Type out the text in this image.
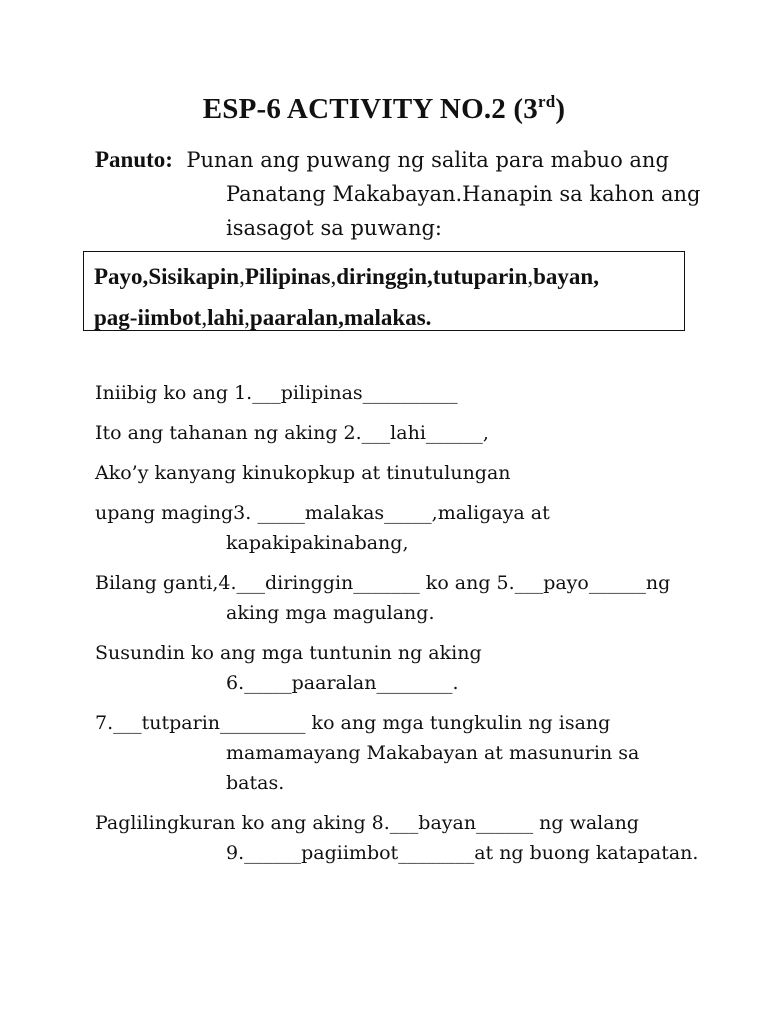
ESP-6 ACTIVITY NO.2 (3rd)
Panuto: Punan ang puwang ng salita para mabuo ang
Panatang Makabayan.Hanapin sa kahon ang
isasagot sa puwang:
Payo,Sisikapin,Pilipinas,diringgin,tutuparin,bayan,
pag-iimbot,lahi,paaralan,malakas.
Iniibig ko ang 1.___pilipinas__________
Ito ang tahanan ng aking 2.___lahi______,
Ako’y kanyang kinukopkup at tinutulungan
upang maging3. _____malakas_____,maligaya at
kapakipakinabang,
Bilang ganti,4.___diringgin_______ ko ang 5.___payo______ng
aking mga magulang.
Susundin ko ang mga tuntunin ng aking
6._____paaralan________.
7.___tutparin_________ ko ang mga tungkulin ng isang
mamamayang Makabayan at masunurin sa
batas.
Paglilingkuran ko ang aking 8.___bayan______ ng walang
9.______pagiimbot________at ng buong katapatan.
